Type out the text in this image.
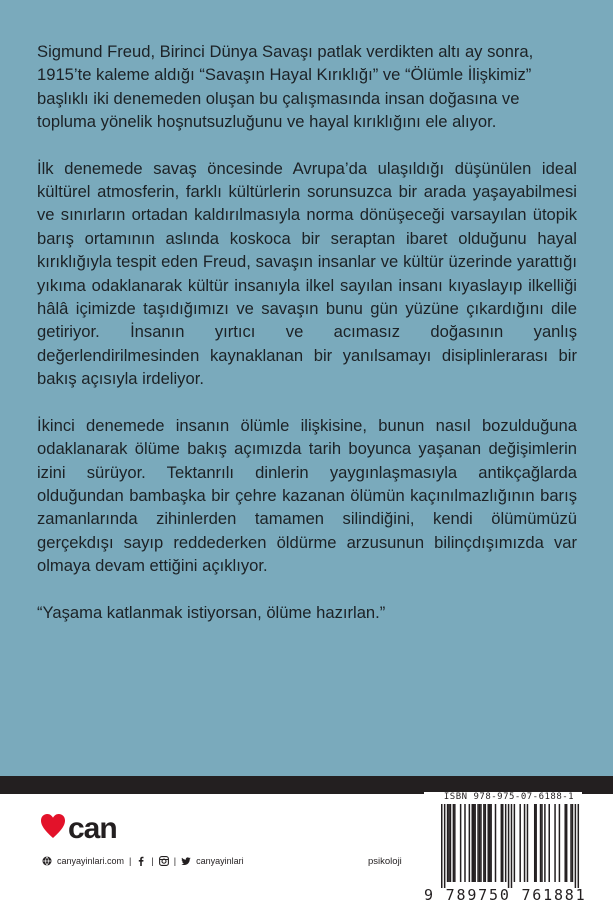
Sigmund Freud, Birinci Dünya Savaşı patlak verdikten altı ay sonra, 1915’te kaleme aldığı “Savaşın Hayal Kırıklığı” ve “Ölümle İlişkimiz” başlıklı iki denemeden oluşan bu çalışmasında insan doğasına ve topluma yönelik hoşnutsuzluğunu ve hayal kırıklığını ele alıyor.

İlk denemede savaş öncesinde Avrupa’da ulaşıldığı düşünülen ideal kültürel atmosferin, farklı kültürlerin sorunsuzca bir arada yaşayabilmesi ve sınırların ortadan kaldırılmasıyla norma dönüşeceği varsayılan ütopik barış ortamının aslında koskoca bir seraptan ibaret olduğunu hayal kırıklığıyla tespit eden Freud, savaşın insanlar ve kültür üzerinde yarattığı yıkıma odaklanarak kültür insanıyla ilkel sayılan insanı kıyaslayıp ilkelliği hâlâ içimizde taşıdığımızı ve savaşın bunu gün yüzüne çıkardığını dile getiriyor. İnsanın yırtıcı ve acımasız doğasının yanlış değerlendirilmesinden kaynaklanan bir yanılsamayı disiplinlerarası bir bakış açısıyla irdeliyor.

İkinci denemede insanın ölümle ilişkisine, bunun nasıl bozulduğuna odaklanarak ölüme bakış açımızda tarih boyunca yaşanan değişimlerin izini sürüyor. Tektanrılı dinlerin yaygınlaşmasıyla antikçağlarda olduğundan bambaşka bir çehre kazanan ölümün kaçınılmazlığının barış zamanlarında zihinlerden tamamen silindiğini, kendi ölümümüzü gerçekdışı sayıp reddederken öldürme arzusunun bilinçdışımızda var olmaya devam ettiğini açıklıyor.

“Yaşama katlanmak istiyorsan, ölüme hazırlan.”

can
canyayinlari.com | | | canyayinlari	psikoloji
ISBN 978-975-07-6188-1
9 789750 761881
